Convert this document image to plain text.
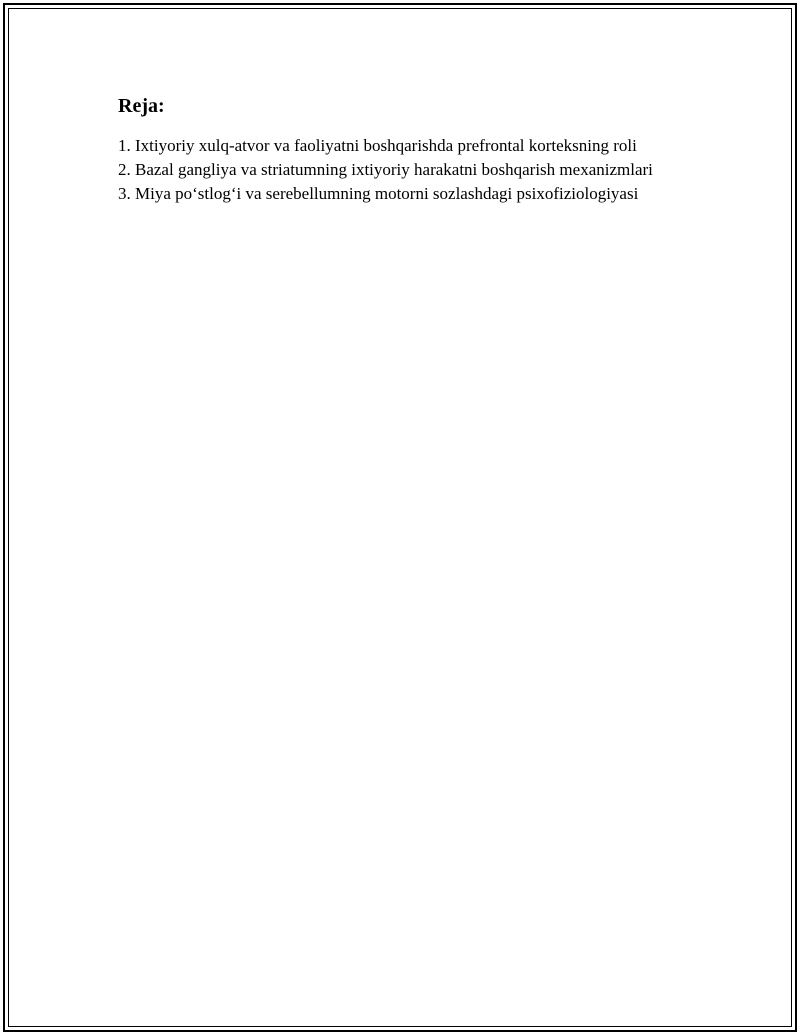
Reja:
1. Ixtiyoriy xulq-atvor va faoliyatni boshqarishda prefrontal korteksning roli
2. Bazal gangliya va striatumning ixtiyoriy harakatni boshqarish mexanizmlari
3. Miya po‘stlog‘i va serebellumning motorni sozlashdagi psixofiziologiyasi
